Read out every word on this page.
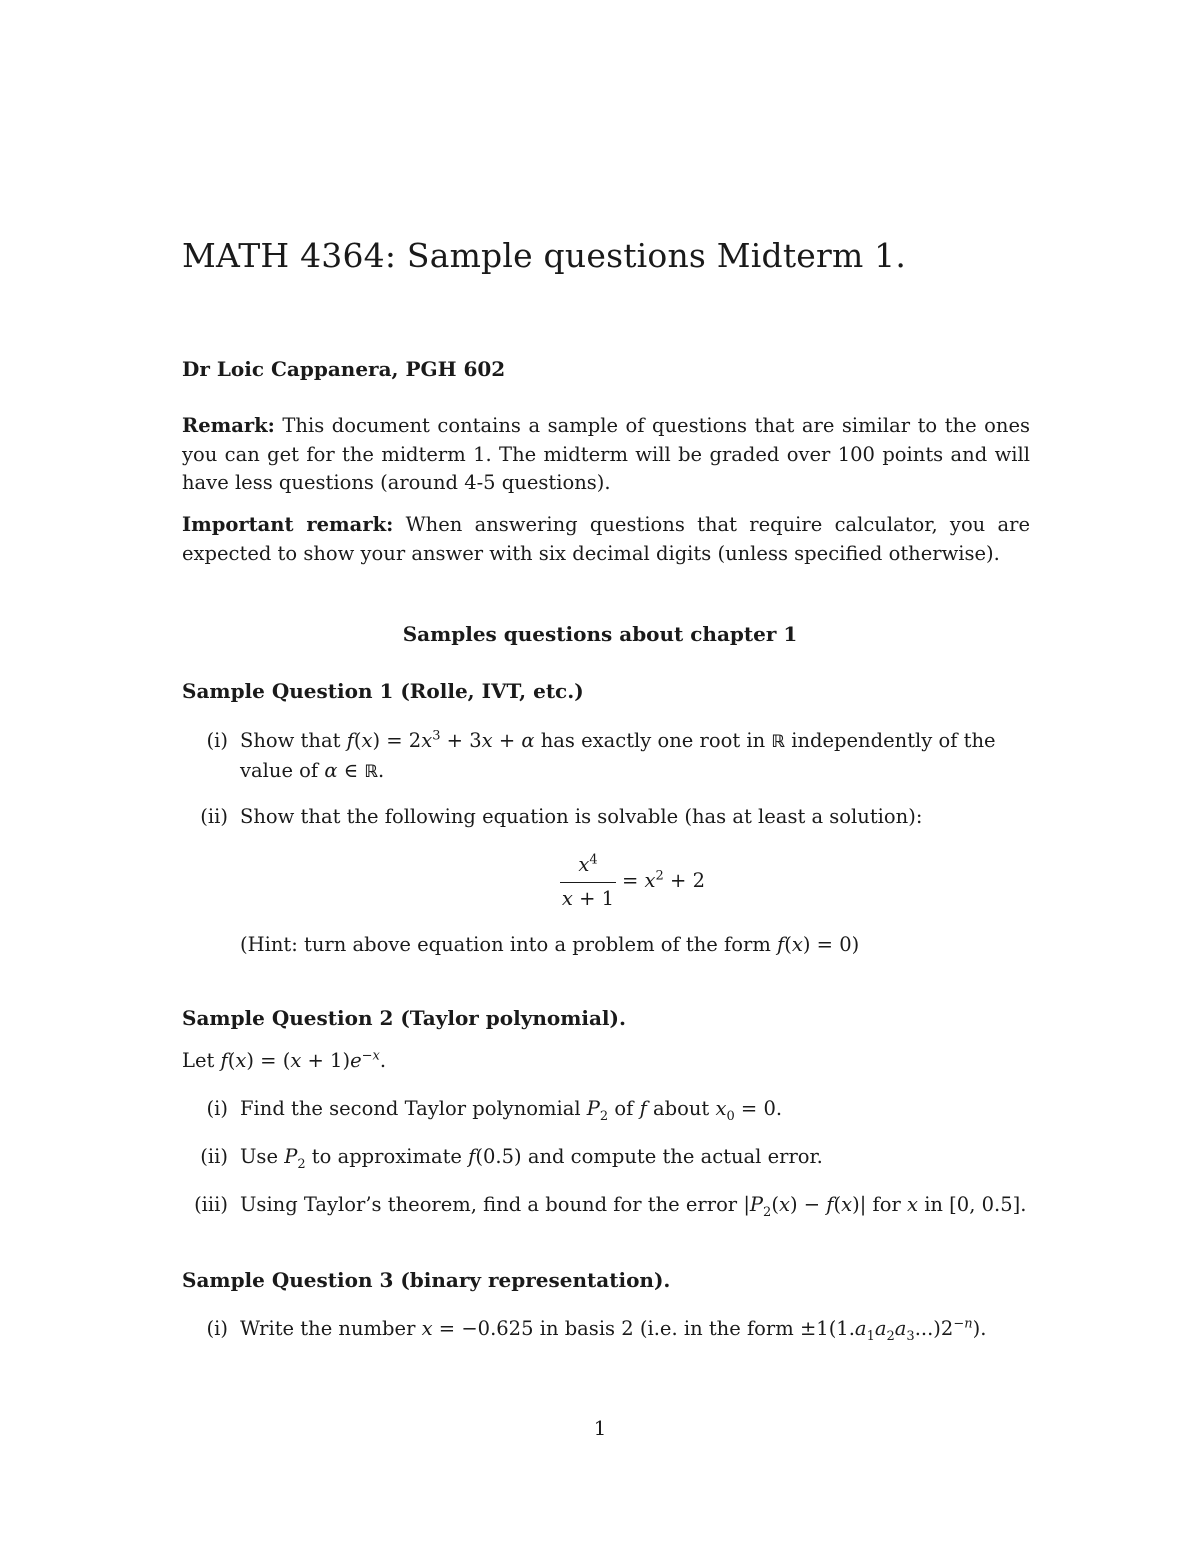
MATH 4364: Sample questions Midterm 1.
Dr Loic Cappanera, PGH 602
Remark: This document contains a sample of questions that are similar to the ones you can get for the midterm 1. The midterm will be graded over 100 points and will have less questions (around 4-5 questions).
Important remark: When answering questions that require calculator, you are expected to show your answer with six decimal digits (unless specified otherwise).
Samples questions about chapter 1
Sample Question 1 (Rolle, IVT, etc.)
(i) Show that $f(x) = 2x^3 + 3x + \alpha$ has exactly one root in ℝ independently of the
value of α ∈ ℝ.
(ii) Show that the following equation is solvable (has at least a solution):
$x^4$
x + 1
= $x^2 + 2$
(Hint: turn above equation into a problem of the form f(x) = 0)
Sample Question 2 (Taylor polynomial).
Let $f(x) = (x + 1)e^{-x}$.
(i) Find the second Taylor polynomial $P_2$ of f about $x_0 = 0$.
(ii) Use $P_2$ to approximate f(0.5) and compute the actual error.
(iii) Using Taylor’s theorem, find a bound for the error $|P_2(x) - f(x)|$ for x in [0, 0.5].
Sample Question 3 (binary representation).
(i) Write the number x = −0.625 in basis 2 (i.e. in the form $\pm 1(1.a_1a_2a_3...)2^{-n}$).
1
